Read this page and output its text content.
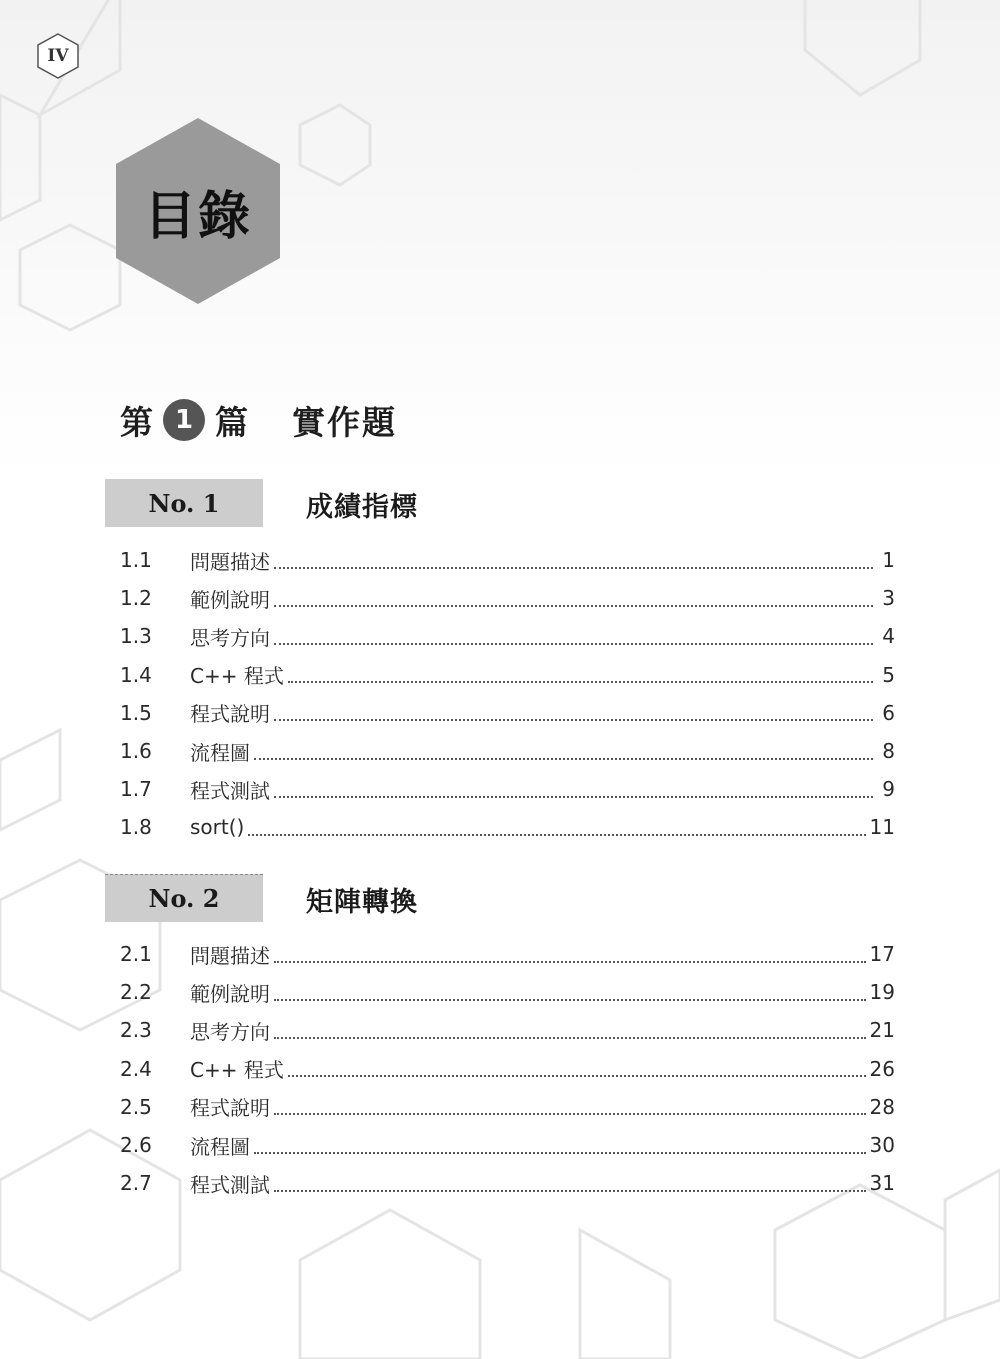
IV
目錄
第 1 篇 實作題
No. 1	成績指標
1.1	問題描述	1
1.2	範例說明	3
1.3	思考方向	4
1.4	C++ 程式	5
1.5	程式說明	6
1.6	流程圖	8
1.7	程式測試	9
1.8	sort()	11
No. 2	矩陣轉換
2.1	問題描述	17
2.2	範例說明	19
2.3	思考方向	21
2.4	C++ 程式	26
2.5	程式說明	28
2.6	流程圖	30
2.7	程式測試	31
